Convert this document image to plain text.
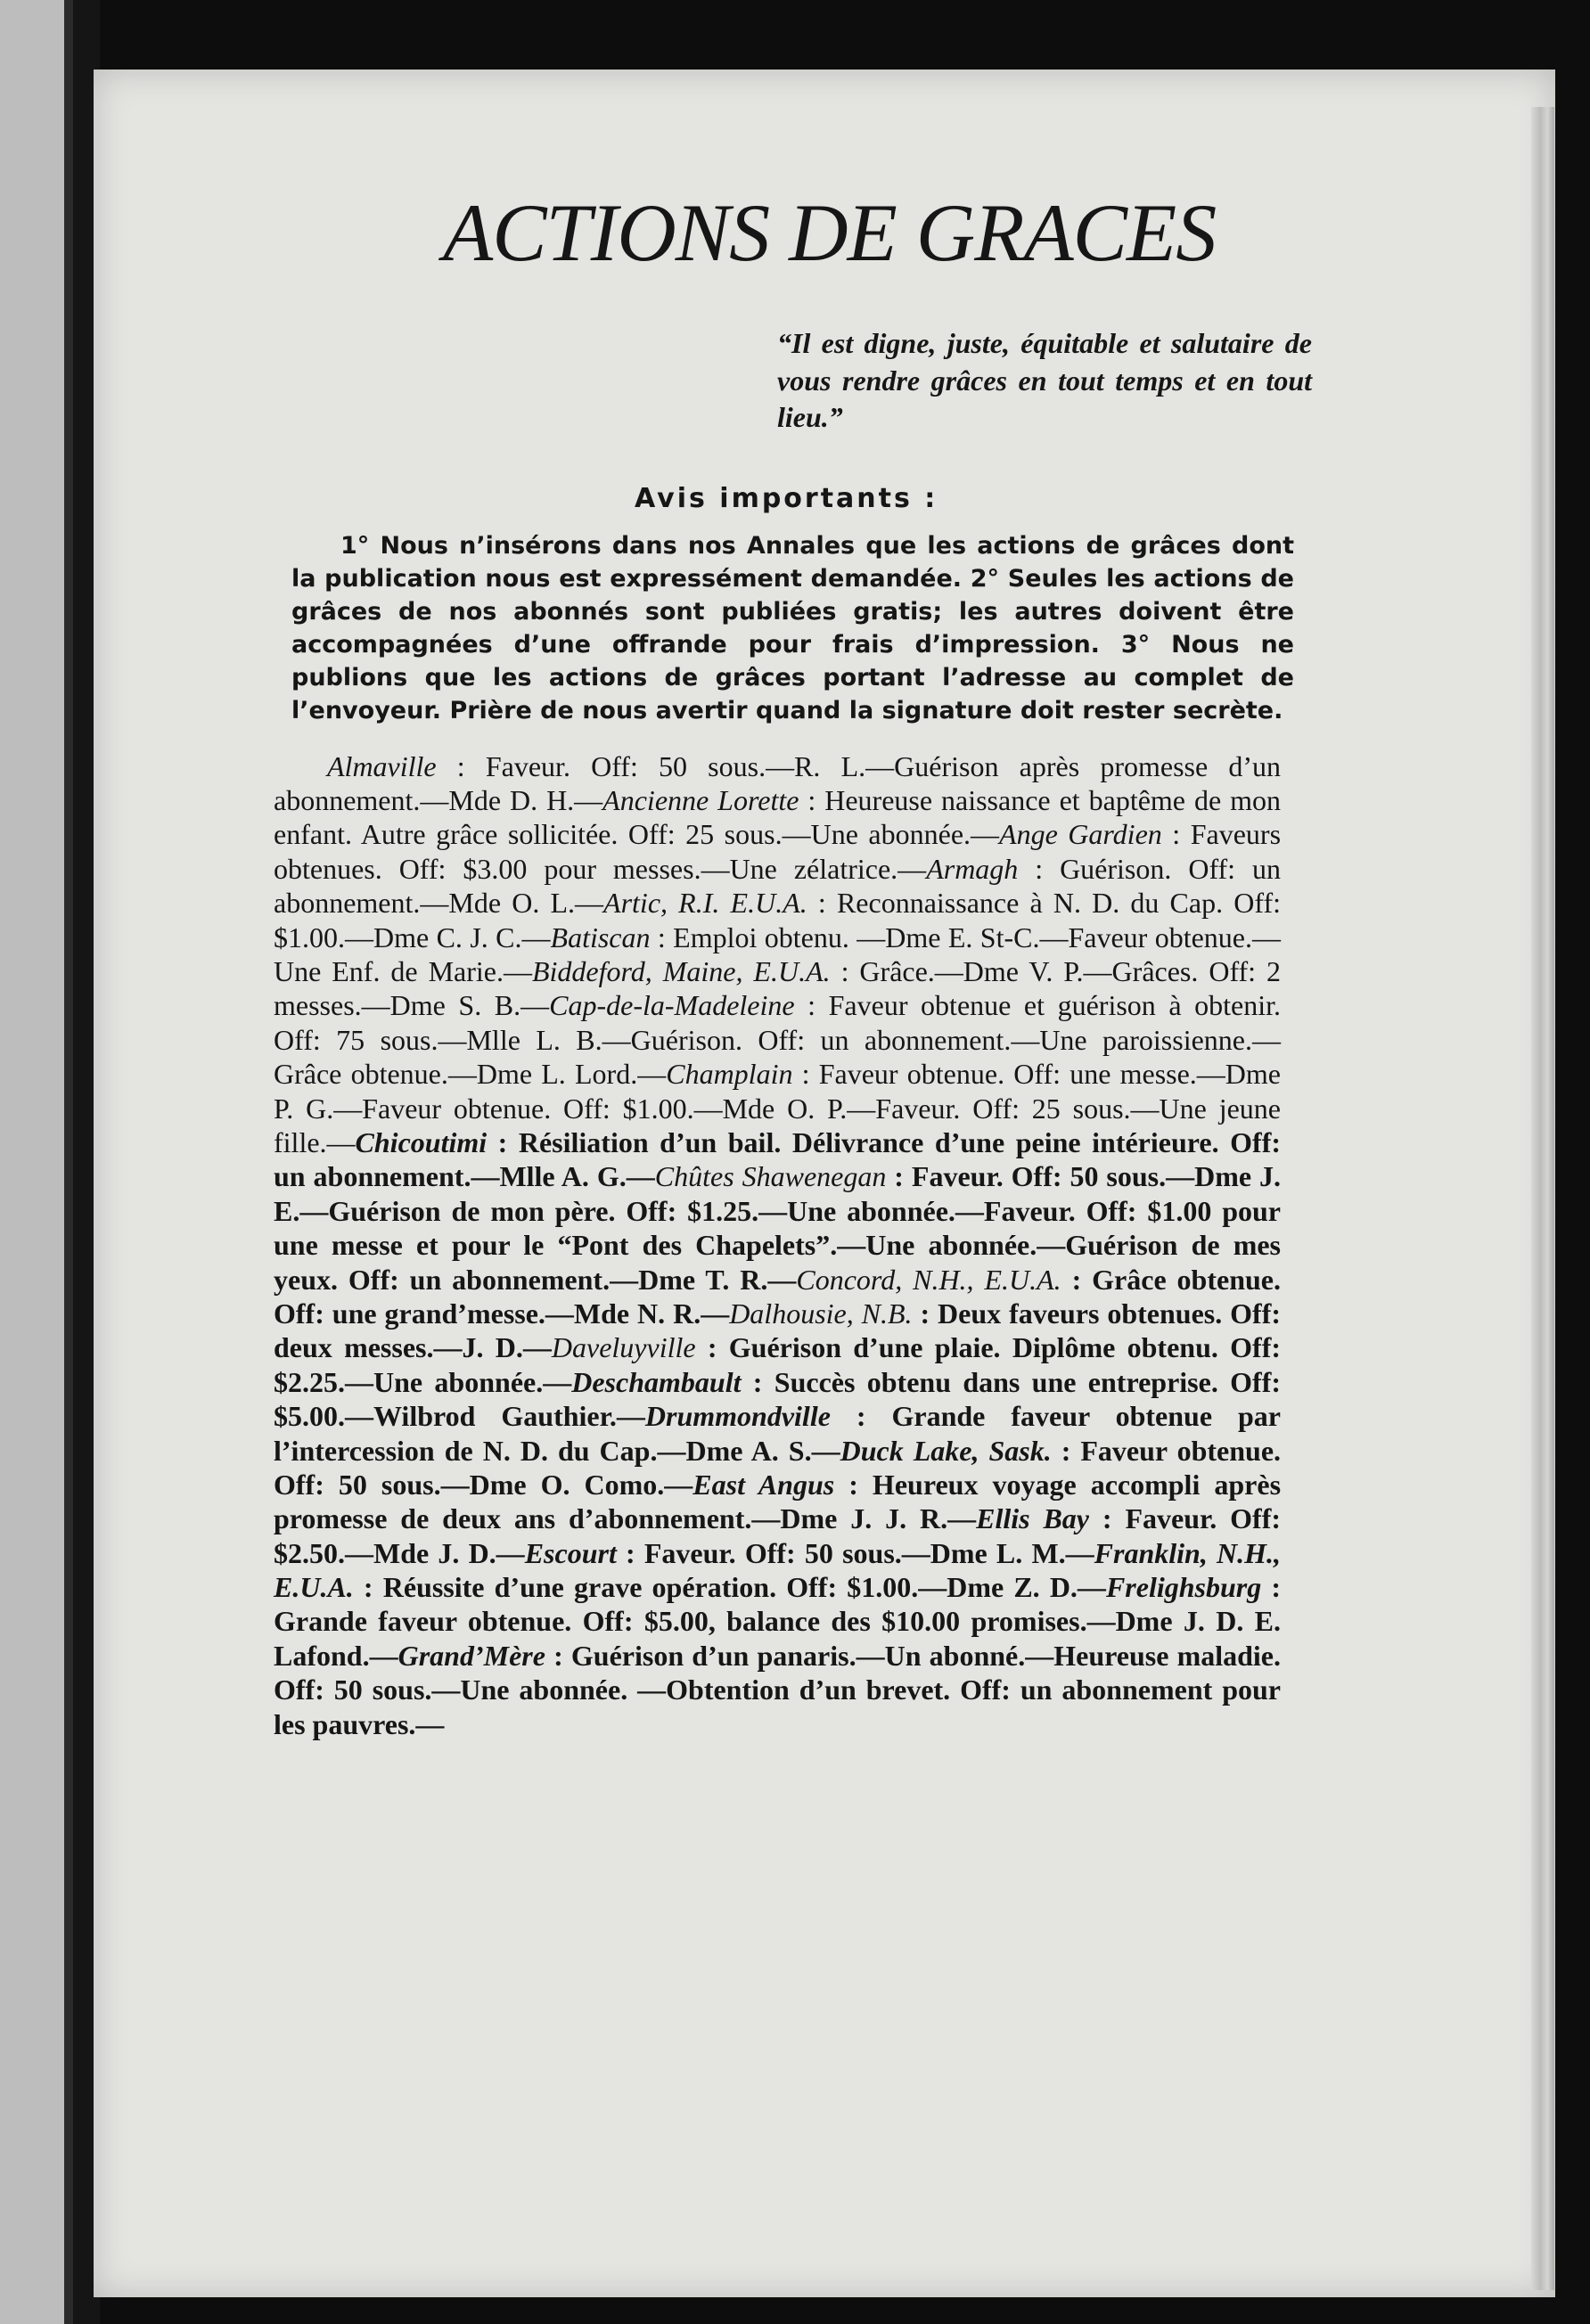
ACTIONS DE GRACES
“Il est digne, juste, équitable et salutaire de vous rendre grâces en tout temps et en tout lieu.”
Avis importants :
1° Nous n’insérons dans nos Annales que les actions de grâces dont la publication nous est expressément demandée. 2° Seules les actions de grâces de nos abonnés sont publiées gratis; les autres doivent être accompagnées d’une offrande pour frais d’impression. 3° Nous ne publions que les actions de grâces portant l’adresse au complet de l’envoyeur. Prière de nous avertir quand la signature doit rester secrète.
Almaville : Faveur. Off: 50 sous.—R. L.—Guérison après promesse d’un abonnement.—Mde D. H.—Ancienne Lorette : Heureuse naissance et baptême de mon enfant. Autre grâce sollicitée. Off: 25 sous.—Une abonnée.—Ange Gardien : Faveurs obtenues. Off: $3.00 pour messes.—Une zélatrice.—Armagh : Guérison. Off: un abonnement.—Mde O. L.—Artic, R.I. E.U.A. : Reconnaissance à N. D. du Cap. Off: $1.00.—Dme C. J. C.—Batiscan : Emploi obtenu. —Dme E. St-C.—Faveur obtenue.—Une Enf. de Marie.—Biddeford, Maine, E.U.A. : Grâce.—Dme V. P.—Grâces. Off: 2 messes.—Dme S. B.—Cap-de-la-Madeleine : Faveur obtenue et guérison à obtenir. Off: 75 sous.—Mlle L. B.—Guérison. Off: un abonnement.—Une paroissienne.—Grâce obtenue.—Dme L. Lord.—Champlain : Faveur obtenue. Off: une messe.—Dme P. G.—Faveur obtenue. Off: $1.00.—Mde O. P.—Faveur. Off: 25 sous.—Une jeune fille.—Chicoutimi : Résiliation d’un bail. Délivrance d’une peine intérieure. Off: un abonnement.—Mlle A. G.—Chûtes Shawenegan : Faveur. Off: 50 sous.—Dme J. E.—Guérison de mon père. Off: $1.25.—Une abonnée.—Faveur. Off: $1.00 pour une messe et pour le “Pont des Chapelets”.—Une abonnée.—Guérison de mes yeux. Off: un abonnement.—Dme T. R.—Concord, N.H., E.U.A. : Grâce obtenue. Off: une grand’messe.—Mde N. R.—Dalhousie, N.B. : Deux faveurs obtenues. Off: deux messes.—J. D.—Daveluyville : Guérison d’une plaie. Diplôme obtenu. Off: $2.25.—Une abonnée.—Deschambault : Succès obtenu dans une entreprise. Off: $5.00.—Wilbrod Gauthier.—Drummondville : Grande faveur obtenue par l’intercession de N. D. du Cap.—Dme A. S.—Duck Lake, Sask. : Faveur obtenue. Off: 50 sous.—Dme O. Como.—East Angus : Heureux voyage accompli après promesse de deux ans d’abonnement.—Dme J. J. R.—Ellis Bay : Faveur. Off: $2.50.—Mde J. D.—Escourt : Faveur. Off: 50 sous.—Dme L. M.—Franklin, N.H., E.U.A. : Réussite d’une grave opération. Off: $1.00.—Dme Z. D.—Frelighsburg : Grande faveur obtenue. Off: $5.00, balance des $10.00 promises.—Dme J. D. E. Lafond.—Grand’Mère : Guérison d’un panaris.—Un abonné.—Heureuse maladie. Off: 50 sous.—Une abonnée. —Obtention d’un brevet. Off: un abonnement pour les pauvres.—
